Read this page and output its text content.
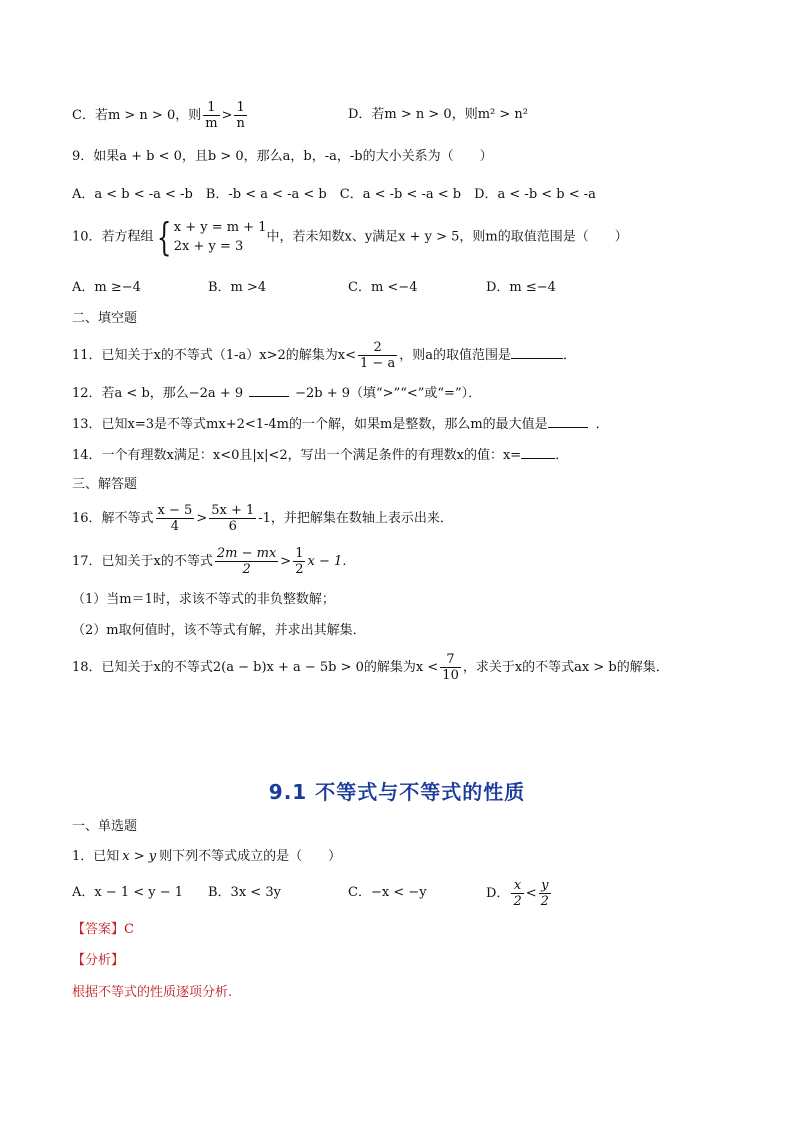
C．若m > n > 0，则 $\frac{1}{m} > \frac{1}{n}$	D．若m > n > 0，则m² > n²
9．如果a + b < 0，且b > 0，那么a，b，-a，-b的大小关系为（　　）
A．a < b < -a < -b　B．-b < a < -a < b　C．a < -b < -a < b　D．a < -b < b < -a
10．若方程组{ x + y = m + 1
2x + y = 3
中，若未知数x、y满足x + y > 5，则m的取值范围是（　　）
A．m ≥−4	B．m >4	C．m <−4	D．m ≤−4
二、填空题
11．已知关于x的不等式（1-a）x>2的解集为$x< \frac{2}{1 - a}$ ，则a的取值范围是	．
12．若a < b，那么−2a + 9	−2b + 9（填“>”“<”或“=”）．
13．已知x=3是不等式mx+2<1-4m的一个解，如果m是整数，那么m的最大值是	．
14．一个有理数x满足：x<0且|x|<2，写出一个满足条件的有理数x的值：x=	．
三、解答题
16．解不等式 $\frac{x - 5}{4} > \frac{5x + 1}{6} -1$，并把解集在数轴上表示出来．
17．已知关于x的不等式 $\frac{2m - mx}{2} > \frac{1}{2}$ x − 1．
（1）当m＝1时，求该不等式的非负整数解；
（2）m取何值时，该不等式有解，并求出其解集．
18．已知关于x的不等式2(a − b)x + a − 5b > 0的解集为$x < \frac{7}{10}$ ，求关于x的不等式ax > b的解集．
9.1 不等式与不等式的性质
一、单选题
1．已知 x > y 则下列不等式成立的是（　　）
A．x − 1 < y − 1 B．3x < 3y	C．−x < −y	D． $\frac{x}{2} < \frac{y}{2}$
【答案】C
【分析】
根据不等式的性质逐项分析.
